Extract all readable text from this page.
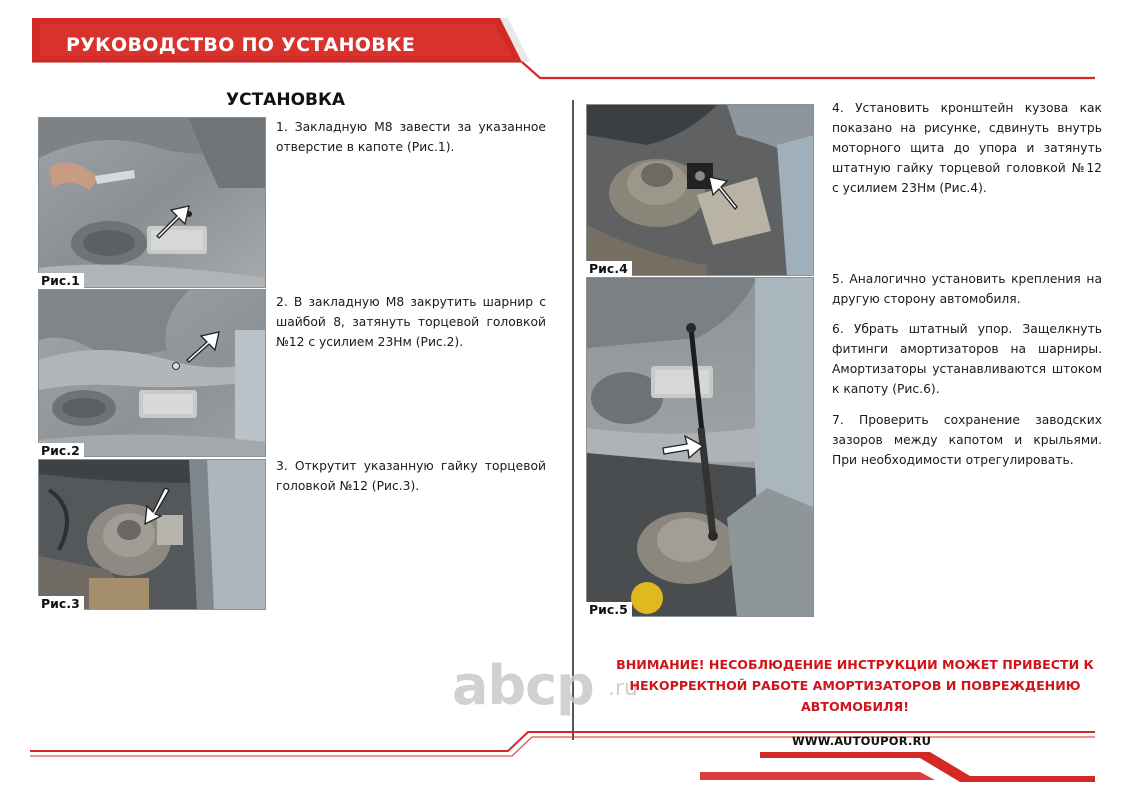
РУКОВОДСТВО ПО УСТАНОВКЕ
УСТАНОВКА
Рис.1
Рис.2
Рис.3
1. Закладную М8 завести за указанное отверстие в капоте (Рис.1).
2. В закладную М8 закрутить шарнир с шайбой 8, затянуть торцевой головкой №12 с усилием 23Нм (Рис.2).
3. Открутит указанную гайку торцевой головкой №12 (Рис.3).
Рис.4
Рис.5
4. Установить кронштейн кузова как показано на рисунке, сдвинуть внутрь моторного щита до упора и затянуть штатную гайку торцевой головкой №12 с усилием 23Нм (Рис.4).
5. Аналогично установить крепления на другую сторону автомобиля.
6. Убрать штатный упор. Защелкнуть фитинги амортизаторов на шарниры. Амортизаторы устанавливаются штоком к капоту (Рис.6).
7. Проверить сохранение заводских зазоров между капотом и крыльями. При необходимости отрегулировать.
abcp .ru
ВНИМАНИЕ! НЕСОБЛЮДЕНИЕ ИНСТРУКЦИИ МОЖЕТ ПРИВЕСТИ К
НЕКОРРЕКТНОЙ РАБОТЕ АМОРТИЗАТОРОВ И ПОВРЕЖДЕНИЮ
АВТОМОБИЛЯ!
WWW.AUTOUPOR.RU
